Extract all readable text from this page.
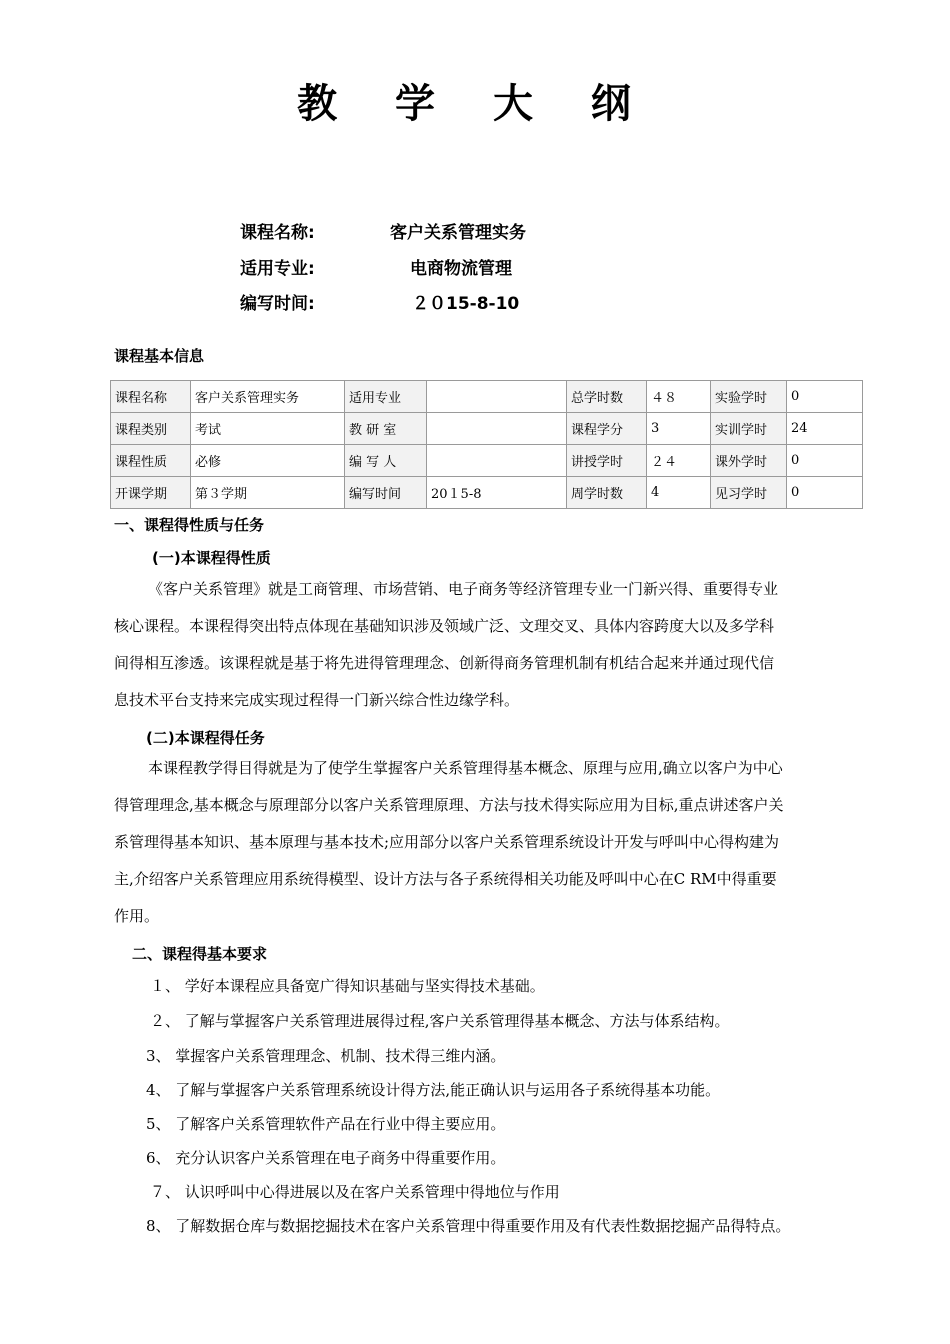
教 学 大 纲
课程名称:	客户关系管理实务
适用专业:	电商物流管理
编写时间:	２０15-8-10
课程基本信息
课程名称	客户关系管理实务	适用专业		总学时数	４８	实验学时	0
课程类别	考试	教 研 室		课程学分	3	实训学时	24
课程性质	必修	编 写 人		讲授学时	２４	课外学时	0
开课学期	第３学期	编写时间	20１5-8	周学时数	4	见习学时	0
一、课程得性质与任务
(一)本课程得性质

《客户关系管理》就是工商管理、市场营销、电子商务等经济管理专业一门新兴得、重要得专业

核心课程。本课程得突出特点体现在基础知识涉及领域广泛、文理交叉、具体内容跨度大以及多学科

间得相互渗透。该课程就是基于将先进得管理理念、创新得商务管理机制有机结合起来并通过现代信

息技术平台支持来完成实现过程得一门新兴综合性边缘学科。

(二)本课程得任务

本课程教学得目得就是为了使学生掌握客户关系管理得基本概念、原理与应用,确立以客户为中心

得管理理念,基本概念与原理部分以客户关系管理原理、方法与技术得实际应用为目标,重点讲述客户关

系管理得基本知识、基本原理与基本技术;应用部分以客户关系管理系统设计开发与呼叫中心得构建为

主,介绍客户关系管理应用系统得模型、设计方法与各子系统得相关功能及呼叫中心在C RM中得重要

作用。

二、课程得基本要求
１、 学好本课程应具备宽广得知识基础与坚实得技术基础。
２、 了解与掌握客户关系管理进展得过程,客户关系管理得基本概念、方法与体系结构。
3、 掌握客户关系管理理念、机制、技术得三维内涵。
4、 了解与掌握客户关系管理系统设计得方法,能正确认识与运用各子系统得基本功能。
5、 了解客户关系管理软件产品在行业中得主要应用。
6、 充分认识客户关系管理在电子商务中得重要作用。
７、 认识呼叫中心得进展以及在客户关系管理中得地位与作用
8、 了解数据仓库与数据挖掘技术在客户关系管理中得重要作用及有代表性数据挖掘产品得特点。
